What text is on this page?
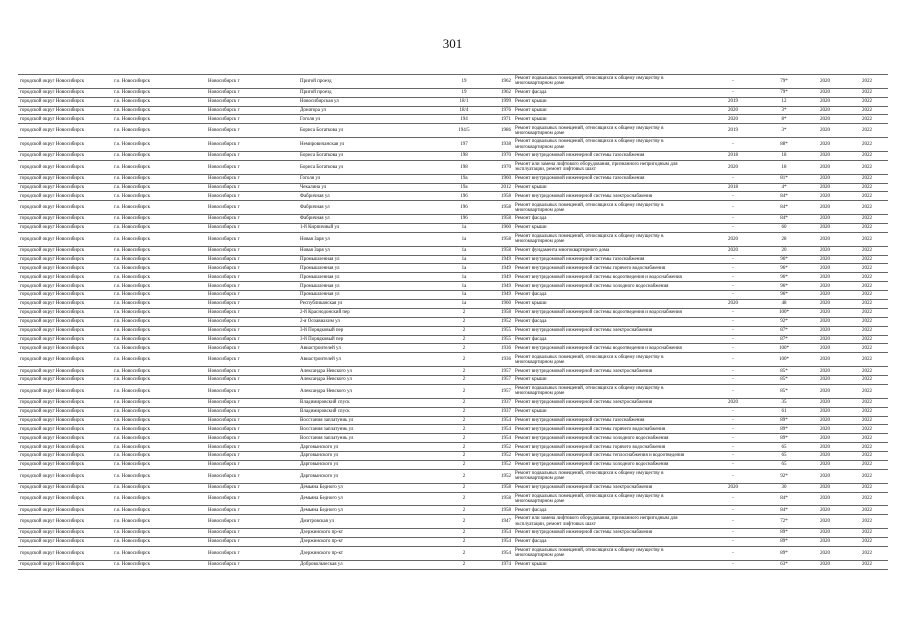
301
городской округ Новосибирск	г.о. Новосибирск	Новосибирск г	Пригой проезд	19	1962	Ремонт подвальных помещений, относящихся к общему имуществу в многоквартирном доме	-	79*	2020	2022
городской округ Новосибирск	г.о. Новосибирск	Новосибирск г	Пригой проезд	19	1962	Ремонт фасада	-	79*	2020	2022
городской округ Новосибирск	г.о. Новосибирск	Новосибирск г	Новосибирская ул	18/1	1999	Ремонт крыши	2019	12	2020	2022
городской округ Новосибирск	г.о. Новосибирск	Новосибирск г	Донатора ул	18/4	1976	Ремонт крыши	2020	3*	2020	2022
городской округ Новосибирск	г.о. Новосибирск	Новосибирск г	Гоголя ул	194	1971	Ремонт крыши	2020	8*	2020	2022
городской округ Новосибирск	г.о. Новосибирск	Новосибирск г	Бориса Богаткова ул	194/5	1986	Ремонт подвальных помещений, относящихся к общему имуществу в многоквартирном доме	2019	3*	2020	2022
городской округ Новосибирск	г.о. Новосибирск	Новосибирск г	Немировичанская ул	197	1938	Ремонт подвальных помещений, относящихся к общему имуществу в многоквартирном доме	-	88*	2020	2022
городской округ Новосибирск	г.о. Новосибирск	Новосибирск г	Бориса Богаткова ул	198	1970	Ремонт внутридомовой инженерной системы газоснабжения	2018	18	2020	2022
городской округ Новосибирск	г.о. Новосибирск	Новосибирск г	Бориса Богаткова ул	198	1970	Ремонт или замена лифтового оборудования, признанного непригодным для эксплуатации, ремонт лифтовых шахт	2020	18	2020	2022
городской округ Новосибирск	г.о. Новосибирск	Новосибирск г	Гоголя ул	19а	1960	Ремонт внутридомовой инженерной системы газоснабжения	-	81*	2020	2022
городской округ Новосибирск	г.о. Новосибирск	Новосибирск г	Чекалина ул	19а	2012	Ремонт крыши	2018	4*	2020	2022
городской округ Новосибирск	г.о. Новосибирск	Новосибирск г	Фабричная ул	196	1958	Ремонт внутридомовой инженерной системы электроснабжения	-	84*	2020	2022
городской округ Новосибирск	г.о. Новосибирск	Новосибирск г	Фабричная ул	196	1958	Ремонт подвальных помещений, относящихся к общему имуществу в многоквартирном доме	-	84*	2020	2022
городской округ Новосибирск	г.о. Новосибирск	Новосибирск г	Фабричная ул	196	1958	Ремонт фасада	-	84*	2020	2022
городской округ Новосибирск	г.о. Новосибирск	Новосибирск г	1-й Кирпичный ул	1а	1960	Ремонт крыши	-	60	2020	2022
городской округ Новосибирск	г.о. Новосибирск	Новосибирск г	Новая Заря ул	1а	1958	Ремонт подвальных помещений, относящихся к общему имуществу в многоквартирном доме	2020	28	2020	2022
городской округ Новосибирск	г.о. Новосибирск	Новосибирск г	Новая Заря ул	1а	1958	Ремонт фундамента многоквартирного дома	2020	20	2020	2022
городской округ Новосибирск	г.о. Новосибирск	Новосибирск г	Промышленная ул	1а	1949	Ремонт внутридомовой инженерной системы газоснабжения	-	96*	2020	2022
городской округ Новосибирск	г.о. Новосибирск	Новосибирск г	Промышленная ул	1а	1949	Ремонт внутридомовой инженерной системы горячего водоснабжения	-	96*	2020	2022
городской округ Новосибирск	г.о. Новосибирск	Новосибирск г	Промышленная ул	1а	1949	Ремонт внутридомовой инженерной системы водоотведения и водоснабжения	-	96*	2020	2022
городской округ Новосибирск	г.о. Новосибирск	Новосибирск г	Промышленная ул	1а	1949	Ремонт внутридомовой инженерной системы холодного водоснабжения	-	96*	2020	2022
городской округ Новосибирск	г.о. Новосибирск	Новосибирск г	Промышленная ул	1а	1949	Ремонт фасада	-	96*	2020	2022
городской округ Новосибирск	г.о. Новосибирск	Новосибирск г	Республиканская ул	1а	1960	Ремонт крыши	2020	48	2020	2022
городской округ Новосибирск	г.о. Новосибирск	Новосибирск г	2-й Краснодонский пер	2	1958	Ремонт внутридомовой инженерной системы водоотведения и водоснабжения	-	100*	2020	2022
городской округ Новосибирск	г.о. Новосибирск	Новосибирск г	2-я Осоавиахим ул	2	1952	Ремонт фасада	-	92*	2020	2022
городской округ Новосибирск	г.о. Новосибирск	Новосибирск г	3-й Порядковый пер	2	1955	Ремонт внутридомовой инженерной системы электроснабжения	-	87*	2020	2022
городской округ Новосибирск	г.о. Новосибирск	Новосибирск г	3-й Порядковый пер	2	1955	Ремонт фасада	-	87*	2020	2022
городской округ Новосибирск	г.о. Новосибирск	Новосибирск г	Авиастроителей ул	2	1936	Ремонт внутридомовой инженерной системы водоотведения и водоснабжения	-	100*	2020	2022
городской округ Новосибирск	г.о. Новосибирск	Новосибирск г	Авиастроителей ул	2	1936	Ремонт подвальных помещений, относящихся к общему имуществу в многоквартирном доме	-	100*	2020	2022
городской округ Новосибирск	г.о. Новосибирск	Новосибирск г	Александра Невского ул	2	1957	Ремонт внутридомовой инженерной системы электроснабжения	-	85*	2020	2022
городской округ Новосибирск	г.о. Новосибирск	Новосибирск г	Александра Невского ул	2	1957	Ремонт крыши	-	85*	2020	2022
городской округ Новосибирск	г.о. Новосибирск	Новосибирск г	Александра Невского ул	2	1957	Ремонт подвальных помещений, относящихся к общему имуществу в многоквартирном доме	-	85*	2020	2022
городской округ Новосибирск	г.о. Новосибирск	Новосибирск г	Владимировский спуск	2	1937	Ремонт внутридомовой инженерной системы электроснабжения	2020	35	2020	2022
городской округ Новосибирск	г.о. Новосибирск	Новосибирск г	Владимировский спуск	2	1937	Ремонт крыши	-	61	2020	2022
городской округ Новосибирск	г.о. Новосибирск	Новосибирск г	Восстания заплатуниь ул	2	1954	Ремонт внутридомовой инженерной системы газоснабжения	-	89*	2020	2022
городской округ Новосибирск	г.о. Новосибирск	Новосибирск г	Восстания заплатуниь ул	2	1954	Ремонт внутридомовой инженерной системы горячего водоснабжения	-	89*	2020	2022
городской округ Новосибирск	г.о. Новосибирск	Новосибирск г	Восстания заплатуниь ул	2	1954	Ремонт внутридомовой инженерной системы холодного водоснабжения	-	89*	2020	2022
городской округ Новосибирск	г.о. Новосибирск	Новосибирск г	Дарговынского ул	2	1952	Ремонт внутридомовой инженерной системы горячего водоснабжения	-	65	2020	2022
городской округ Новосибирск	г.о. Новосибирск	Новосибирск г	Дарговынского ул	2	1952	Ремонт внутридомовой инженерной системы теплоснабжения и водоотведения	-	65	2020	2022
городской округ Новосибирск	г.о. Новосибирск	Новосибирск г	Дарговынского ул	2	1952	Ремонт внутридомовой инженерной системы холодного водоснабжения	-	65	2020	2022
городской округ Новосибирск	г.о. Новосибирск	Новосибирск г	Дарговынского ул	2	1952	Ремонт подвальных помещений, относящихся к общему имуществу в многоквартирном доме	-	92*	2020	2022
городской округ Новосибирск	г.о. Новосибирск	Новосибирск г	Демьяна Бедного ул	2	1958	Ремонт внутридомовой инженерной системы электроснабжения	2020	30	2020	2022
городской округ Новосибирск	г.о. Новосибирск	Новосибирск г	Демьяна Бедного ул	2	1958	Ремонт подвальных помещений, относящихся к общему имуществу в многоквартирном доме	-	84*	2020	2022
городской округ Новосибирск	г.о. Новосибирск	Новосибирск г	Демьяна Бедного ул	2	1958	Ремонт фасада	-	84*	2020	2022
городской округ Новосибирск	г.о. Новосибирск	Новосибирск г	Дмитровская ул	2	1947	Ремонт или замена лифтового оборудования, признанного непригодным для эксплуатации, ремонт лифтовых шахт	-	72*	2020	2022
городской округ Новосибирск	г.о. Новосибирск	Новосибирск г	Дзержинского пр-кт	2	1954	Ремонт внутридомовой инженерной системы электроснабжения	-	89*	2020	2022
городской округ Новосибирск	г.о. Новосибирск	Новосибирск г	Дзержинского пр-кт	2	1954	Ремонт фасада	-	89*	2020	2022
городской округ Новосибирск	г.о. Новосибирск	Новосибирск г	Дзержинского пр-кт	2	1954	Ремонт подвальных помещений, относящихся к общему имуществу в многоквартирном доме	-	89*	2020	2022
городской округ Новосибирск	г.о. Новосибирск	Новосибирск г	Добровольческая ул	2	1974	Ремонт крыши	-	63*	2020	2022
